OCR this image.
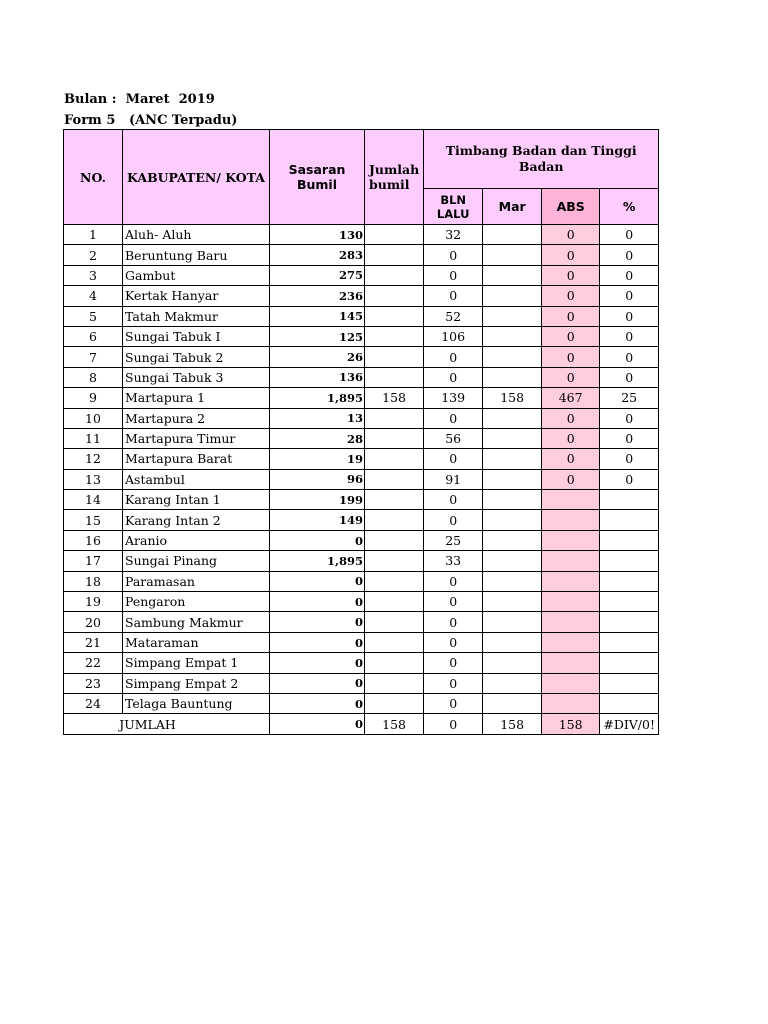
Bulan :  Maret  2019
Form 5   (ANC Terpadu)
NO.	KABUPATEN/ KOTA	Sasaran Bumil	Jumlah bumil	Timbang Badan dan Tinggi Badan			
				BLN LALU	Mar	ABS	%
1	Aluh- Aluh	130		32		0	0
2	Beruntung Baru	283		0		0	0
3	Gambut	275		0		0	0
4	Kertak Hanyar	236		0		0	0
5	Tatah Makmur	145		52		0	0
6	Sungai Tabuk I	125		106		0	0
7	Sungai Tabuk 2	26		0		0	0
8	Sungai Tabuk 3	136		0		0	0
9	Martapura 1	1,895	158	139	158	467	25
10	Martapura 2	13		0		0	0
11	Martapura Timur	28		56		0	0
12	Martapura Barat	19		0		0	0
13	Astambul	96		91		0	0
14	Karang Intan 1	199		0			
15	Karang Intan 2	149		0			
16	Aranio	0		25			
17	Sungai Pinang	1,895		33			
18	Paramasan	0		0			
19	Pengaron	0		0			
20	Sambung Makmur	0		0			
21	Mataraman	0		0			
22	Simpang Empat 1	0		0			
23	Simpang Empat 2	0		0			
24	Telaga Bauntung	0		0			
JUMLAH		0	158	0	158	158	#DIV/0!
